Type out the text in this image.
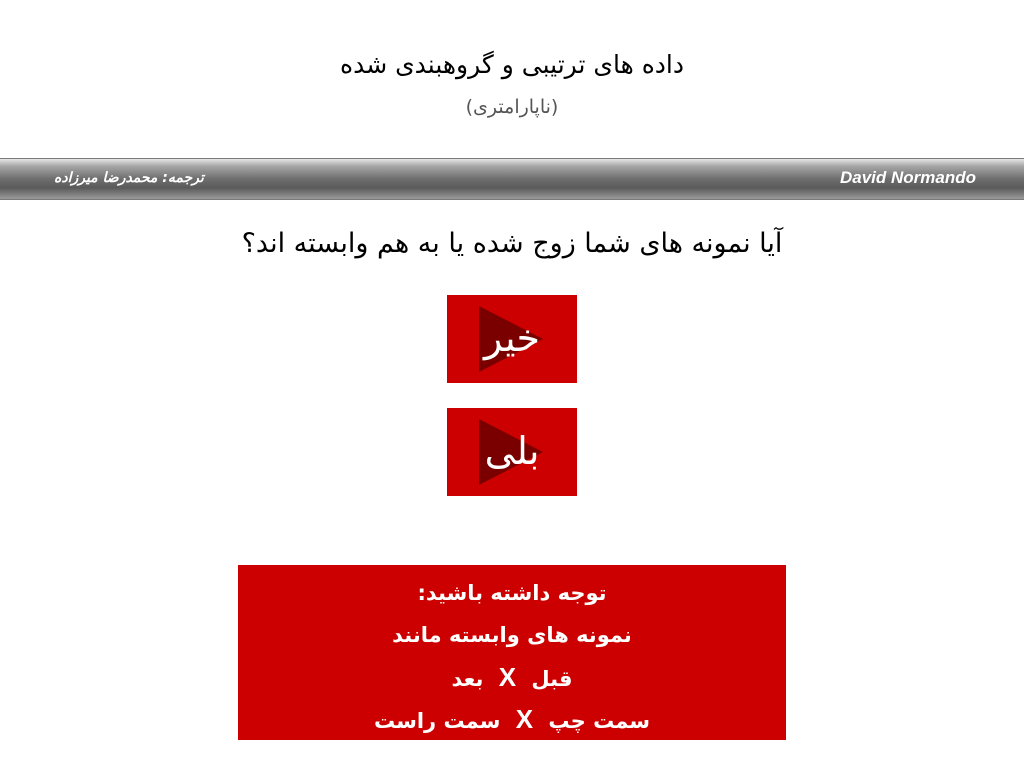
داده های ترتیبی و گروهبندی شده
(ناپارامتری)
David Normando
ترجمه: محمدرضا میرزاده
آیا نمونه های شما زوج شده یا به هم وابسته اند؟
خیر
بلی
توجه داشته باشید:
نمونه های وابسته مانند
قبل X بعد
سمت چپ X سمت راست
